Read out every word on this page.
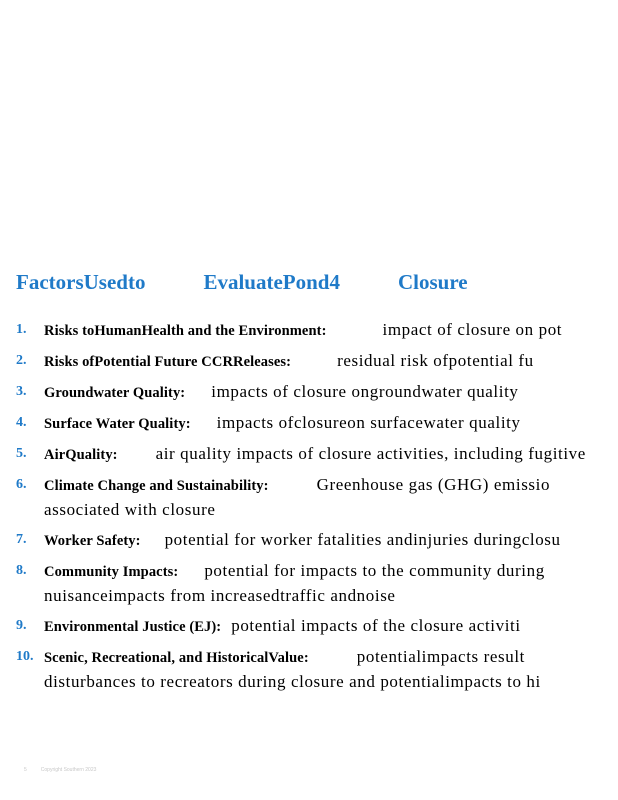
FactorsUsedto	EvaluatePond4	Closure
1. Risks toHumanHealth and the Environment:	impact of closure on pot
2. Risks ofPotential Future CCRReleases:	residual risk ofpotential fu
3. Groundwater Quality: impacts of closure ongroundwater quality
4. Surface Water Quality: impacts ofclosureon surfacewater quality
5. AirQuality: air quality impacts of closure activities, including fugitive
6. Climate Change and Sustainability:	Greenhouse gas (GHG) emissio
associated with closure
7. Worker Safety: potential for worker fatalities andinjuries duringclosu
8. Community Impacts: potential for impacts to the community during
nuisanceimpacts from increasedtraffic andnoise
9. Environmental Justice (EJ): potential impacts of the closure activiti
10. Scenic, Recreational, and HistoricalValue:	potentialimpacts result
disturbances to recreators during closure and potentialimpacts to hi
5	Copyright Southern 2023
